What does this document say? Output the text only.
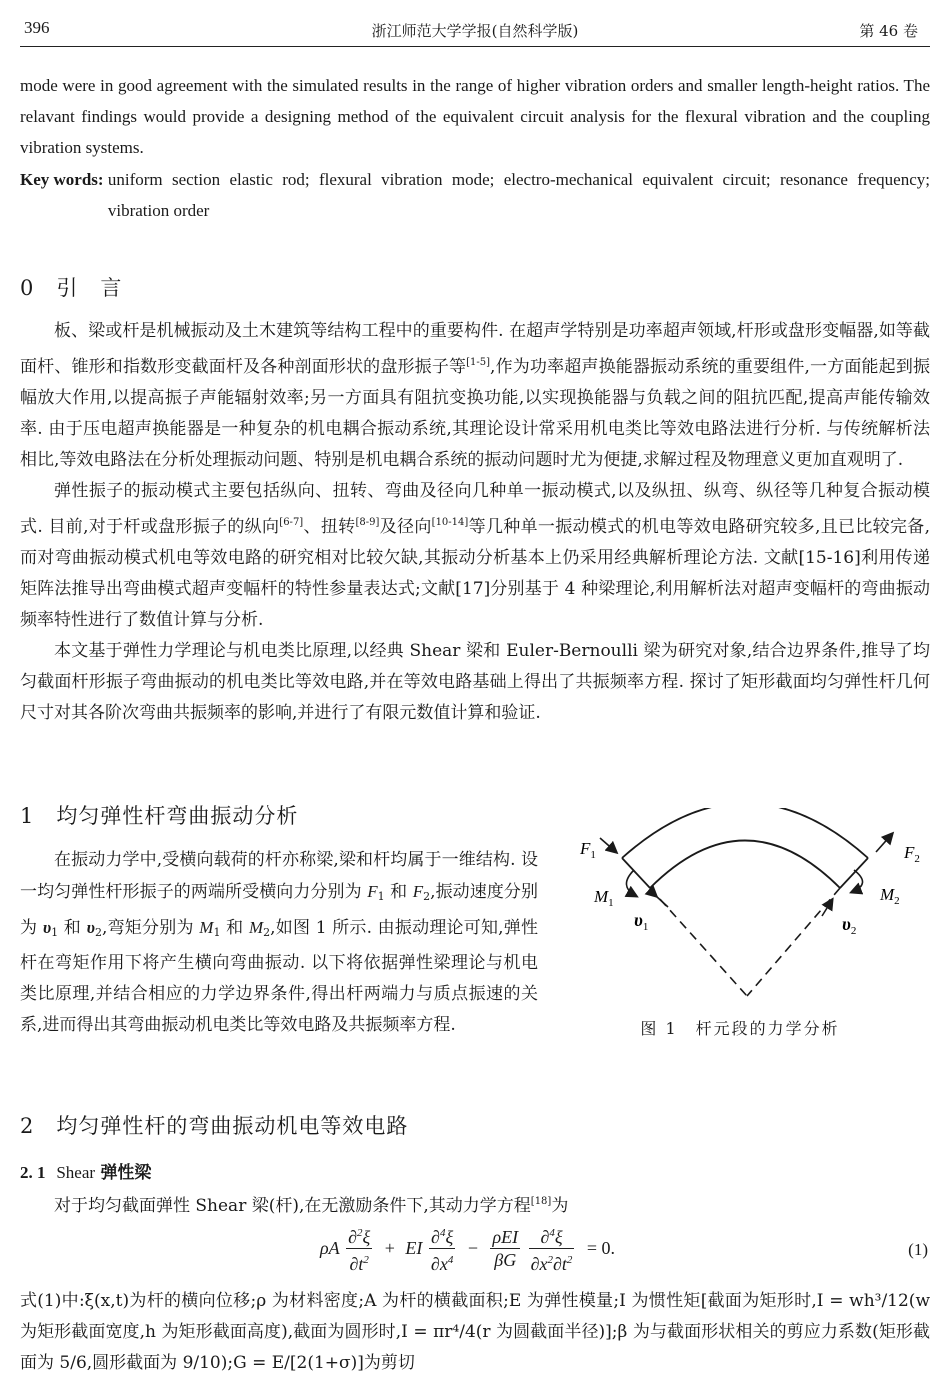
396	浙江师范大学学报(自然科学版)	第 46 卷
mode were in good agreement with the simulated results in the range of higher vibration orders and smaller length-height ratios. The relavant findings would provide a designing method of the equivalent circuit analysis for the flexural vibration and the coupling vibration systems.
Key words: uniform section elastic rod; flexural vibration mode; electro-mechanical equivalent circuit; resonance frequency; vibration order
0　引　言

板、梁或杆是机械振动及土木建筑等结构工程中的重要构件. 在超声学特别是功率超声领域,杆形或盘形变幅器,如等截面杆、锥形和指数形变截面杆及各种剖面形状的盘形振子等[1-5],作为功率超声换能器振动系统的重要组件,一方面能起到振幅放大作用,以提高振子声能辐射效率;另一方面具有阻抗变换功能,以实现换能器与负载之间的阻抗匹配,提高声能传输效率. 由于压电超声换能器是一种复杂的机电耦合振动系统,其理论设计常采用机电类比等效电路法进行分析. 与传统解析法相比,等效电路法在分析处理振动问题、特别是机电耦合系统的振动问题时尤为便捷,求解过程及物理意义更加直观明了.

弹性振子的振动模式主要包括纵向、扭转、弯曲及径向几种单一振动模式,以及纵扭、纵弯、纵径等几种复合振动模式. 目前,对于杆或盘形振子的纵向[6-7]、扭转[8-9]及径向[10-14]等几种单一振动模式的机电等效电路研究较多,且已比较完备,而对弯曲振动模式机电等效电路的研究相对比较欠缺,其振动分析基本上仍采用经典解析理论方法. 文献[15-16]利用传递矩阵法推导出弯曲模式超声变幅杆的特性参量表达式;文献[17]分别基于 4 种梁理论,利用解析法对超声变幅杆的弯曲振动频率特性进行了数值计算与分析.

本文基于弹性力学理论与机电类比原理,以经典 Shear 梁和 Euler-Bernoulli 梁为研究对象,结合边界条件,推导了均匀截面杆形振子弯曲振动的机电类比等效电路,并在等效电路基础上得出了共振频率方程. 探讨了矩形截面均匀弹性杆几何尺寸对其各阶次弯曲共振频率的影响,并进行了有限元数值计算和验证.

1　均匀弹性杆弯曲振动分析

在振动力学中,受横向载荷的杆亦称梁,梁和杆均属于一维结构. 设一均匀弹性杆形振子的两端所受横向力分别为 $F_1$ 和 $F_2$,振动速度分别为 $\upsilon_1$ 和 $\upsilon_2$,弯矩分别为 $M_1$ 和 $M_2$,如图 1 所示. 由振动理论可知,弹性杆在弯矩作用下将产生横向弯曲振动. 以下将依据弹性梁理论与机电类比原理,并结合相应的力学边界条件,得出杆两端力与质点振速的关系,进而得出其弯曲振动机电类比等效电路及共振频率方程.

$F_1$	$F_2$
$M_1$	$M_2$
$\upsilon_1$	$\upsilon_2$
图 1　杆元段的力学分析
2　均匀弹性杆的弯曲振动机电等效电路
2. 1 Shear 弹性梁

对于均匀截面弹性 Shear 梁(杆),在无激励条件下,其动力学方程[18]为

ρA $\frac{\partial^2\xi}{\partial t^2}$ + EI $\frac{\partial^4\xi}{\partial x^4} - \frac{\text{ρEI}}{\beta G}$
$\frac{\partial^4\xi}{\partial x^2\partial t^2} = 0$.	(1)

式(1)中:ξ(x,t)为杆的横向位移;ρ 为材料密度;A 为杆的横截面积;E 为弹性模量;I 为惯性矩[截面为矩形时,I = wh³/12(w 为矩形截面宽度,h 为矩形截面高度),截面为圆形时,I = πr⁴/4(r 为圆截面半径)];β 为与截面形状相关的剪应力系数(矩形截面为 5/6,圆形截面为 9/10);G = E/[2(1+σ)]为剪切
